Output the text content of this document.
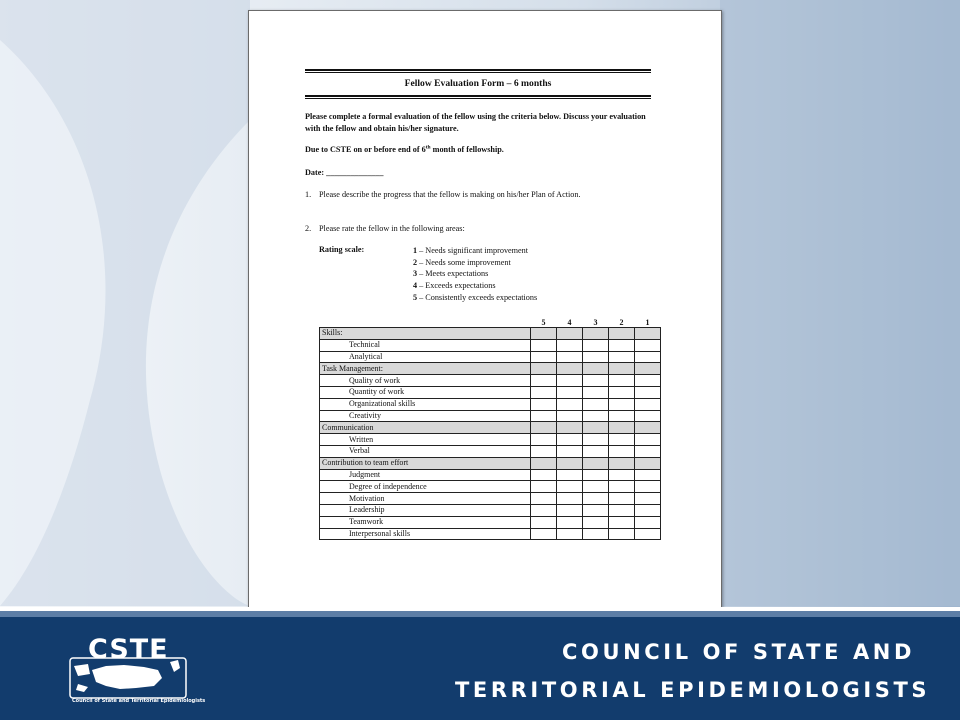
Fellow Evaluation Form – 6 months
Please complete a formal evaluation of the fellow using the criteria below. Discuss your evaluation with the fellow and obtain his/her signature.
Due to CSTE on or before end of 6th month of fellowship.
Date: ______________
1. Please describe the progress that the fellow is making on his/her Plan of Action.
2. Please rate the fellow in the following areas:
Rating scale:	1 – Needs significant improvement
2 – Needs some improvement
3 – Meets expectations
4 – Exceeds expectations
5 – Consistently exceeds expectations
	5	4	3	2	1
Skills:					
Technical					
Analytical					
Task Management:					
Quality of work					
Quantity of work					
Organizational skills					
Creativity					
Communication					
Written					
Verbal					
Contribution to team effort					
Judgment					
Degree of independence					
Motivation					
Leadership					
Teamwork					
Interpersonal skills					
CSTE
Council of State and Territorial Epidemiologists
COUNCIL OF STATE AND
TERRITORIAL EPIDEMIOLOGISTS
